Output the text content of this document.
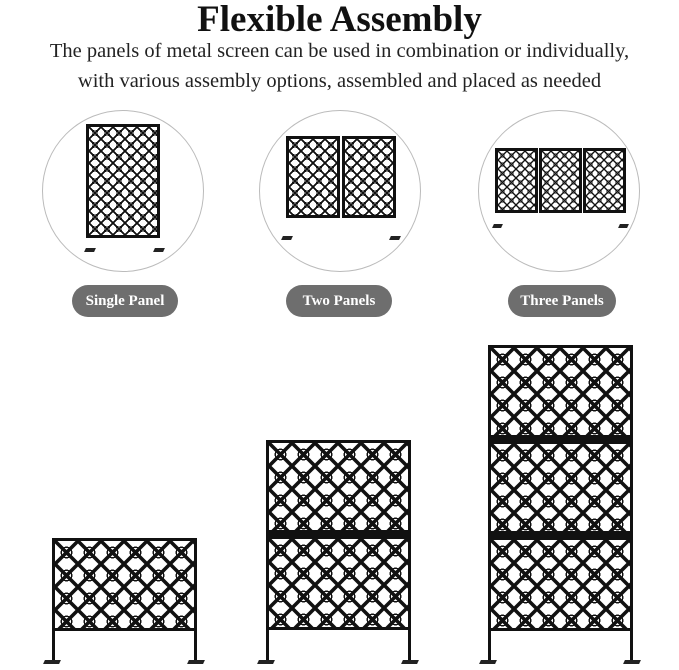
Flexible Assembly
The panels of metal screen can be used in combination or individually,
with various assembly options, assembled and placed as needed
Single Panel	Two Panels	Three Panels
